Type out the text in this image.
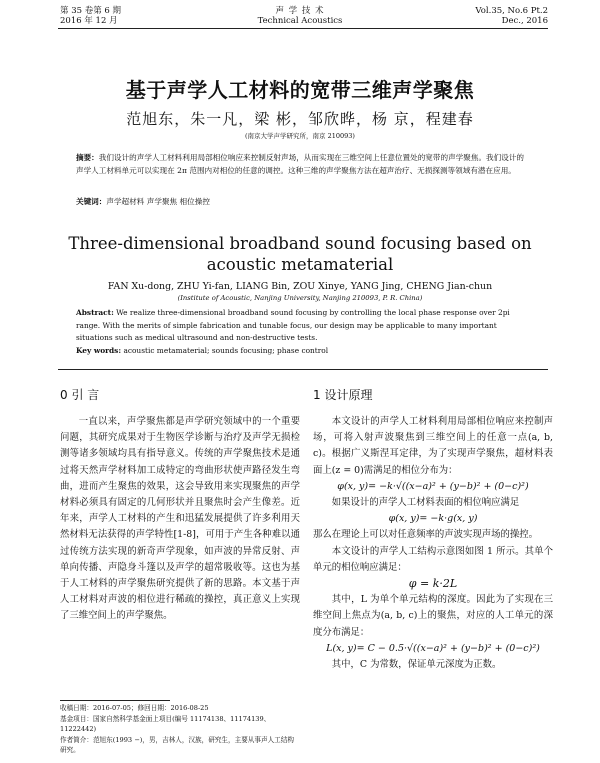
第 35 卷第 6 期
2016 年 12 月
声 学 技 术
Technical Acoustics
Vol.35, No.6 Pt.2
Dec., 2016
基于声学人工材料的宽带三维声学聚焦
范旭东，朱一凡，梁 彬，邹欣晔，杨 京，程建春
(南京大学声学研究所，南京 210093)
摘要：我们设计的声学人工材料利用局部相位响应来控制反射声场，从而实现在三维空间上任意位置处的宽带的声学聚焦。我们设计的声学人工材料单元可以实现在 2π 范围内对相位的任意的调控。这种三维的声学聚焦方法在超声治疗、无损探测等领域有潜在应用。
关键词：声学超材料 声学聚焦 相位操控
Three-dimensional broadband sound focusing based on
acoustic metamaterial
FAN Xu-dong, ZHU Yi-fan, LIANG Bin, ZOU Xinye, YANG Jing, CHENG Jian-chun
(Institute of Acoustic, Nanjing University, Nanjing 210093, P. R. China)
Abstract: We realize three-dimensional broadband sound focusing by controlling the local phase response over 2pi range. With the merits of simple fabrication and tunable focus, our design may be applicable to many important situations such as medical ultrasound and non-destructive tests.
Key words: acoustic metamaterial; sounds focusing; phase control
0 引 言
一直以来，声学聚焦都是声学研究领域中的一个重要问题，其研究成果对于生物医学诊断与治疗及声学无损检测等诸多领域均具有指导意义。传统的声学聚焦技术是通过将天然声学材料加工成特定的弯曲形状使声路径发生弯曲，进而产生聚焦的效果，这会导致用来实现聚焦的声学材料必须具有固定的几何形状并且聚焦时会产生像差。近年来，声学人工材料的产生和迅猛发展提供了许多利用天然材料无法获得的声学特性[1-8]，可用于产生各种难以通过传统方法实现的新奇声学现象，如声波的异常反射、声单向传播、声隐身斗篷以及声学的超常吸收等。这也为基于人工材料的声学聚焦研究提供了新的思路。本文基于声人工材料对声波的相位进行稀疏的操控，真正意义上实现了三维空间上的声学聚焦。
收稿日期：2016-07-05；修回日期：2016-08-25
基金项目：国家自然科学基金面上项目(编号 11174138、11174139、11222442)
作者简介：范旭东(1993 −)，男，吉林人，汉族，研究生，主要从事声人工结构研究。
1 设计原理
本文设计的声学人工材料利用局部相位响应来控制声场，可将入射声波聚焦到三维空间上的任意一点(a, b, c)。根据广义斯涅耳定律，为了实现声学聚焦，超材料表面上(z = 0)需满足的相位分布为：
φ(x, y)= −k·√((x−a)² + (y−b)² + (0−c)²)
如果设计的声学人工材料表面的相位响应满足
φ(x, y)= −k·g(x, y)
那么在理论上可以对任意频率的声波实现声场的操控。
本文设计的声学人工结构示意图如图 1 所示。其单个单元的相位响应满足：
φ = k·2L
其中，L 为单个单元结构的深度。因此为了实现在三维空间上焦点为(a, b, c)上的聚焦，对应的人工单元的深度分布满足：
L(x, y)= C − 0.5·√((x−a)² + (y−b)² + (0−c)²)
其中，C 为常数，保证单元深度为正数。
